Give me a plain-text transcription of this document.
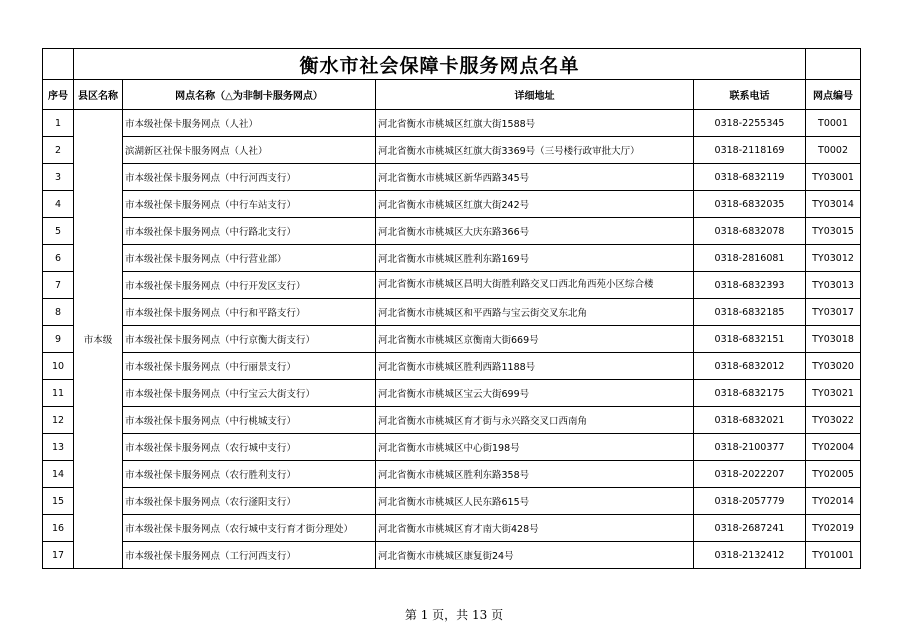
	衡水市社会保障卡服务网点名单				
序号	县区名称	网点名称（△为非制卡服务网点）	详细地址	联系电话	网点编号
1	市本级	市本级社保卡服务网点（人社）	河北省衡水市桃城区红旗大街1588号	0318-2255345	T0001
2		滨湖新区社保卡服务网点（人社）	河北省衡水市桃城区红旗大街3369号（三号楼行政审批大厅）	0318-2118169	T0002
3		市本级社保卡服务网点（中行河西支行）	河北省衡水市桃城区新华西路345号	0318-6832119	TY03001
4		市本级社保卡服务网点（中行车站支行）	河北省衡水市桃城区红旗大街242号	0318-6832035	TY03014
5		市本级社保卡服务网点（中行路北支行）	河北省衡水市桃城区大庆东路366号	0318-6832078	TY03015
6		市本级社保卡服务网点（中行营业部）	河北省衡水市桃城区胜利东路169号	0318-2816081	TY03012
7		市本级社保卡服务网点（中行开发区支行）	河北省衡水市桃城区昌明大街胜利路交叉口西北角西苑小区综合楼	0318-6832393	TY03013
8		市本级社保卡服务网点（中行和平路支行）	河北省衡水市桃城区和平西路与宝云街交叉东北角	0318-6832185	TY03017
9		市本级社保卡服务网点（中行京衡大街支行）	河北省衡水市桃城区京衡南大街669号	0318-6832151	TY03018
10		市本级社保卡服务网点（中行丽景支行）	河北省衡水市桃城区胜利西路1188号	0318-6832012	TY03020
11		市本级社保卡服务网点（中行宝云大街支行）	河北省衡水市桃城区宝云大街699号	0318-6832175	TY03021
12		市本级社保卡服务网点（中行桃城支行）	河北省衡水市桃城区育才街与永兴路交叉口西南角	0318-6832021	TY03022
13		市本级社保卡服务网点（农行城中支行）	河北省衡水市桃城区中心街198号	0318-2100377	TY02004
14		市本级社保卡服务网点（农行胜利支行）	河北省衡水市桃城区胜利东路358号	0318-2022207	TY02005
15		市本级社保卡服务网点（农行滏阳支行）	河北省衡水市桃城区人民东路615号	0318-2057779	TY02014
16		市本级社保卡服务网点（农行城中支行育才街分理处）	河北省衡水市桃城区育才南大街428号	0318-2687241	TY02019
17		市本级社保卡服务网点（工行河西支行）	河北省衡水市桃城区康复街24号	0318-2132412	TY01001
第 1 页，共 13 页
